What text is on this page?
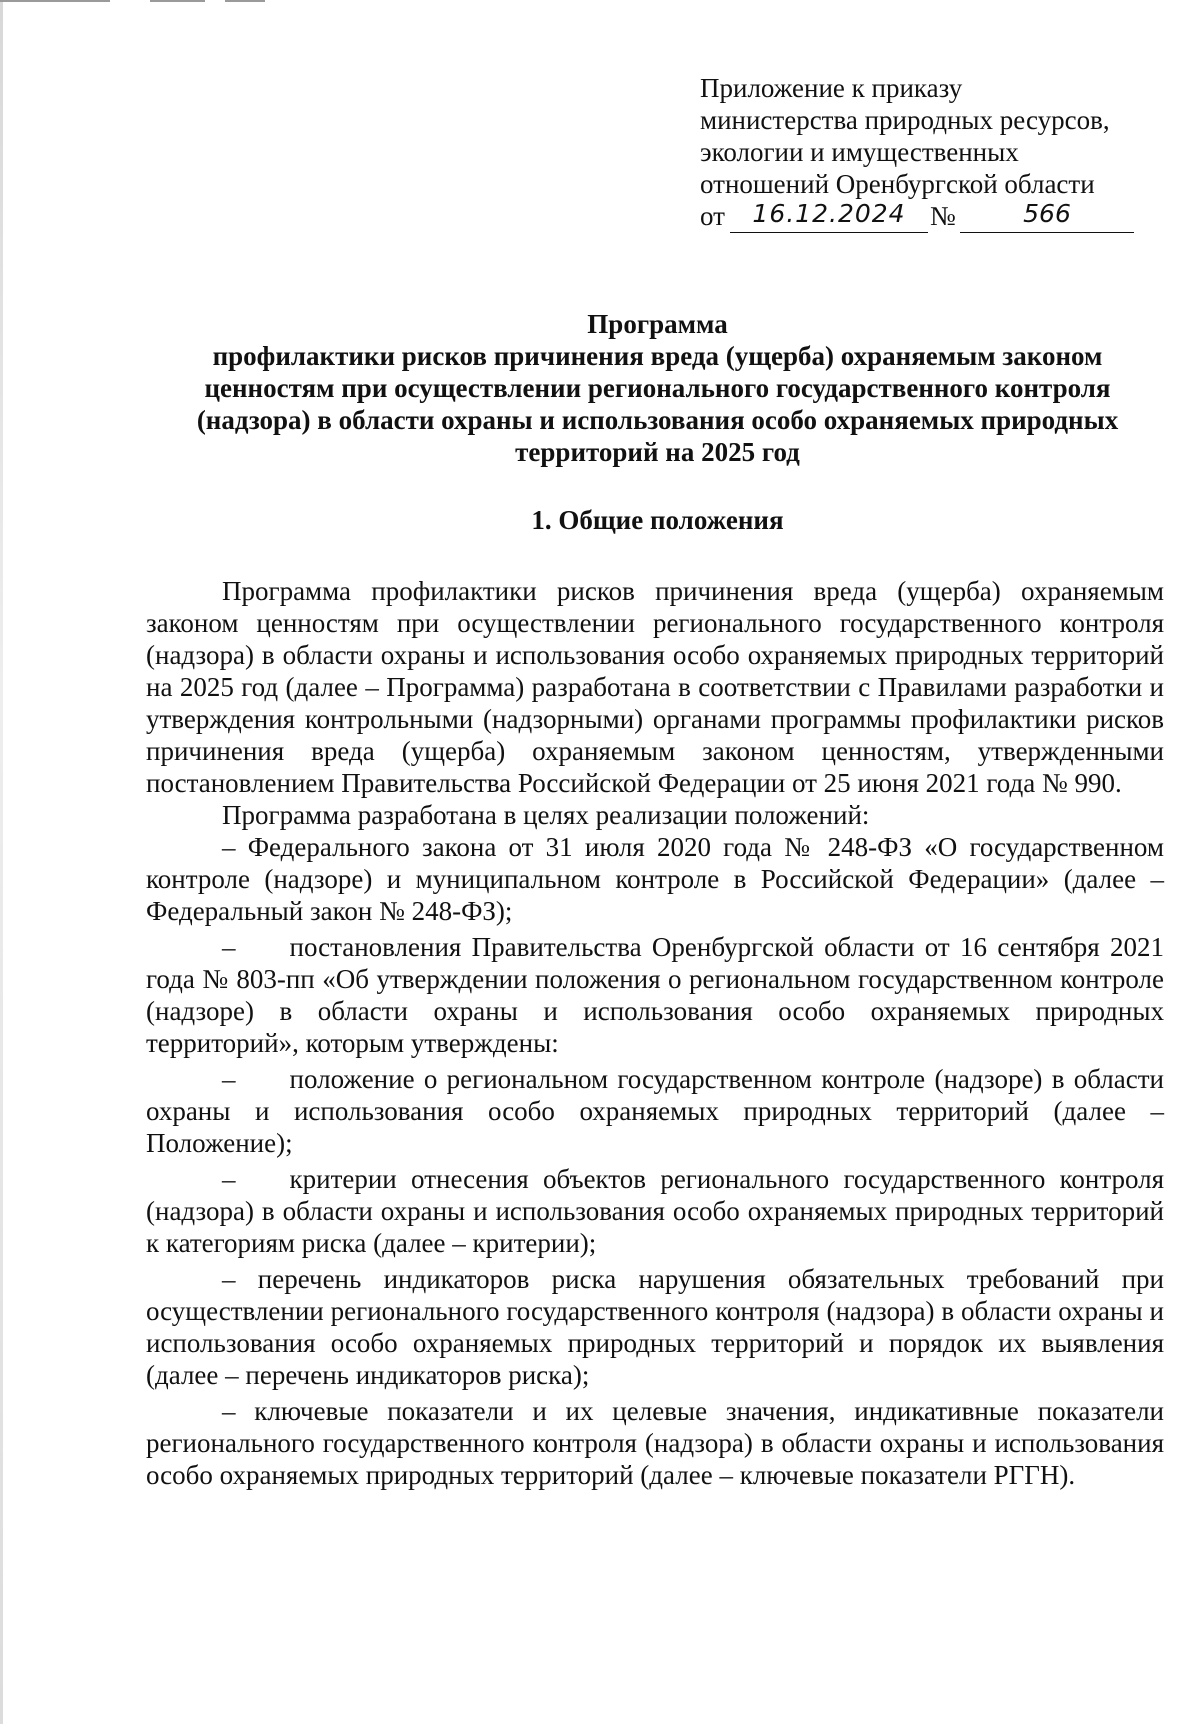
Приложение к приказу
министерства природных ресурсов,
экологии и имущественных
отношений Оренбургской области
от	16.12.2024 №	566
Программа
профилактики рисков причинения вреда (ущерба) охраняемым законом
ценностям при осуществлении регионального государственного контроля
(надзора) в области охраны и использования особо охраняемых природных
территорий на 2025 год
1. Общие положения

Программа профилактики рисков причинения вреда (ущерба) охраняемым законом ценностям при осуществлении регионального государственного контроля (надзора) в области охраны и использования особо охраняемых природных территорий на 2025 год (далее – Программа) разработана в соответствии с Правилами разработки и утверждения контрольными (надзорными) органами программы профилактики рисков причинения вреда (ущерба) охраняемым законом ценностям, утвержденными постановлением Правительства Российской Федерации от 25 июня 2021 года № 990.

Программа разработана в целях реализации положений:

– Федерального закона от 31 июля 2020 года № 248-ФЗ «О государственном контроле (надзоре) и муниципальном контроле в Российской Федерации» (далее – Федеральный закон № 248-ФЗ);

–  постановления Правительства Оренбургской области от 16 сентября 2021 года № 803-пп «Об утверждении положения о региональном государственном контроле (надзоре) в области охраны и использования особо охраняемых природных территорий», которым утверждены:

–  положение о региональном государственном контроле (надзоре) в области охраны и использования особо охраняемых природных территорий (далее – Положение);

–  критерии отнесения объектов регионального государственного контроля (надзора) в области охраны и использования особо охраняемых природных территорий к категориям риска (далее – критерии);

– перечень индикаторов риска нарушения обязательных требований при осуществлении регионального государственного контроля (надзора) в области охраны и использования особо охраняемых природных территорий и порядок их выявления (далее – перечень индикаторов риска);

– ключевые показатели и их целевые значения, индикативные показатели регионального государственного контроля (надзора) в области охраны и использования особо охраняемых природных территорий (далее – ключевые показатели РГГН).
